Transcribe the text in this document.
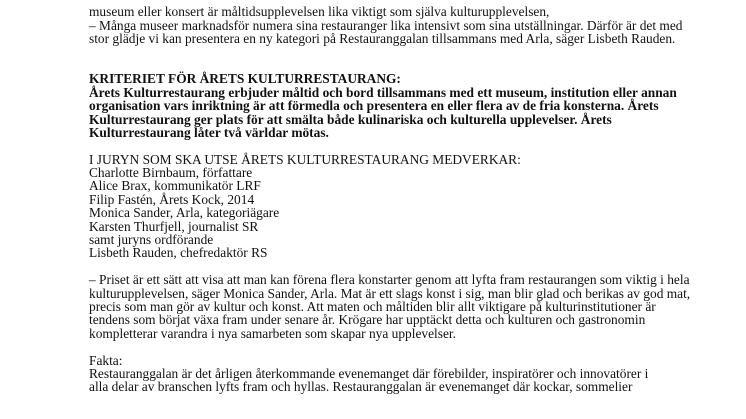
museum eller konsert är måltidsupplevelsen lika viktigt som själva kulturupplevelsen,
– Många museer marknadsför numera sina restauranger lika intensivt som sina utställningar. Därför är det med
stor glädje vi kan presentera en ny kategori på Restauranggalan tillsammans med Arla, säger Lisbeth Rauden.
KRITERIET FÖR ÅRETS KULTURRESTAURANG:
Årets Kulturrestaurang erbjuder måltid och bord tillsammans med ett museum, institution eller annan
organisation vars inriktning är att förmedla och presentera en eller flera av de fria konsterna. Årets
Kulturrestaurang ger plats för att smälta både kulinariska och kulturella upplevelser. Årets
Kulturrestaurang låter två världar mötas.
I JURYN SOM SKA UTSE ÅRETS KULTURRESTAURANG MEDVERKAR:
Charlotte Birnbaum, författare
Alice Brax, kommunikatör LRF
Filip Fastén, Årets Kock, 2014
Monica Sander, Arla, kategoriägare
Karsten Thurfjell, journalist SR
samt juryns ordförande
Lisbeth Rauden, chefredaktör RS
– Priset är ett sätt att visa att man kan förena flera konstarter genom att lyfta fram restaurangen som viktig i hela
kulturupplevelsen, säger Monica Sander, Arla. Mat är ett slags konst i sig, man blir glad och berikas av god mat,
precis som man gör av kultur och konst. Att maten och måltiden blir allt viktigare på kulturinstitutioner är
tendens som börjat växa fram under senare år. Krögare har upptäckt detta och kulturen och gastronomin
kompletterar varandra i nya samarbeten som skapar nya upplevelser.
Fakta:
Restauranggalan är det årligen återkommande evenemanget där förebilder, inspiratörer och innovatörer i
alla delar av branschen lyfts fram och hyllas. Restauranggalan är evenemanget där kockar, sommelier
